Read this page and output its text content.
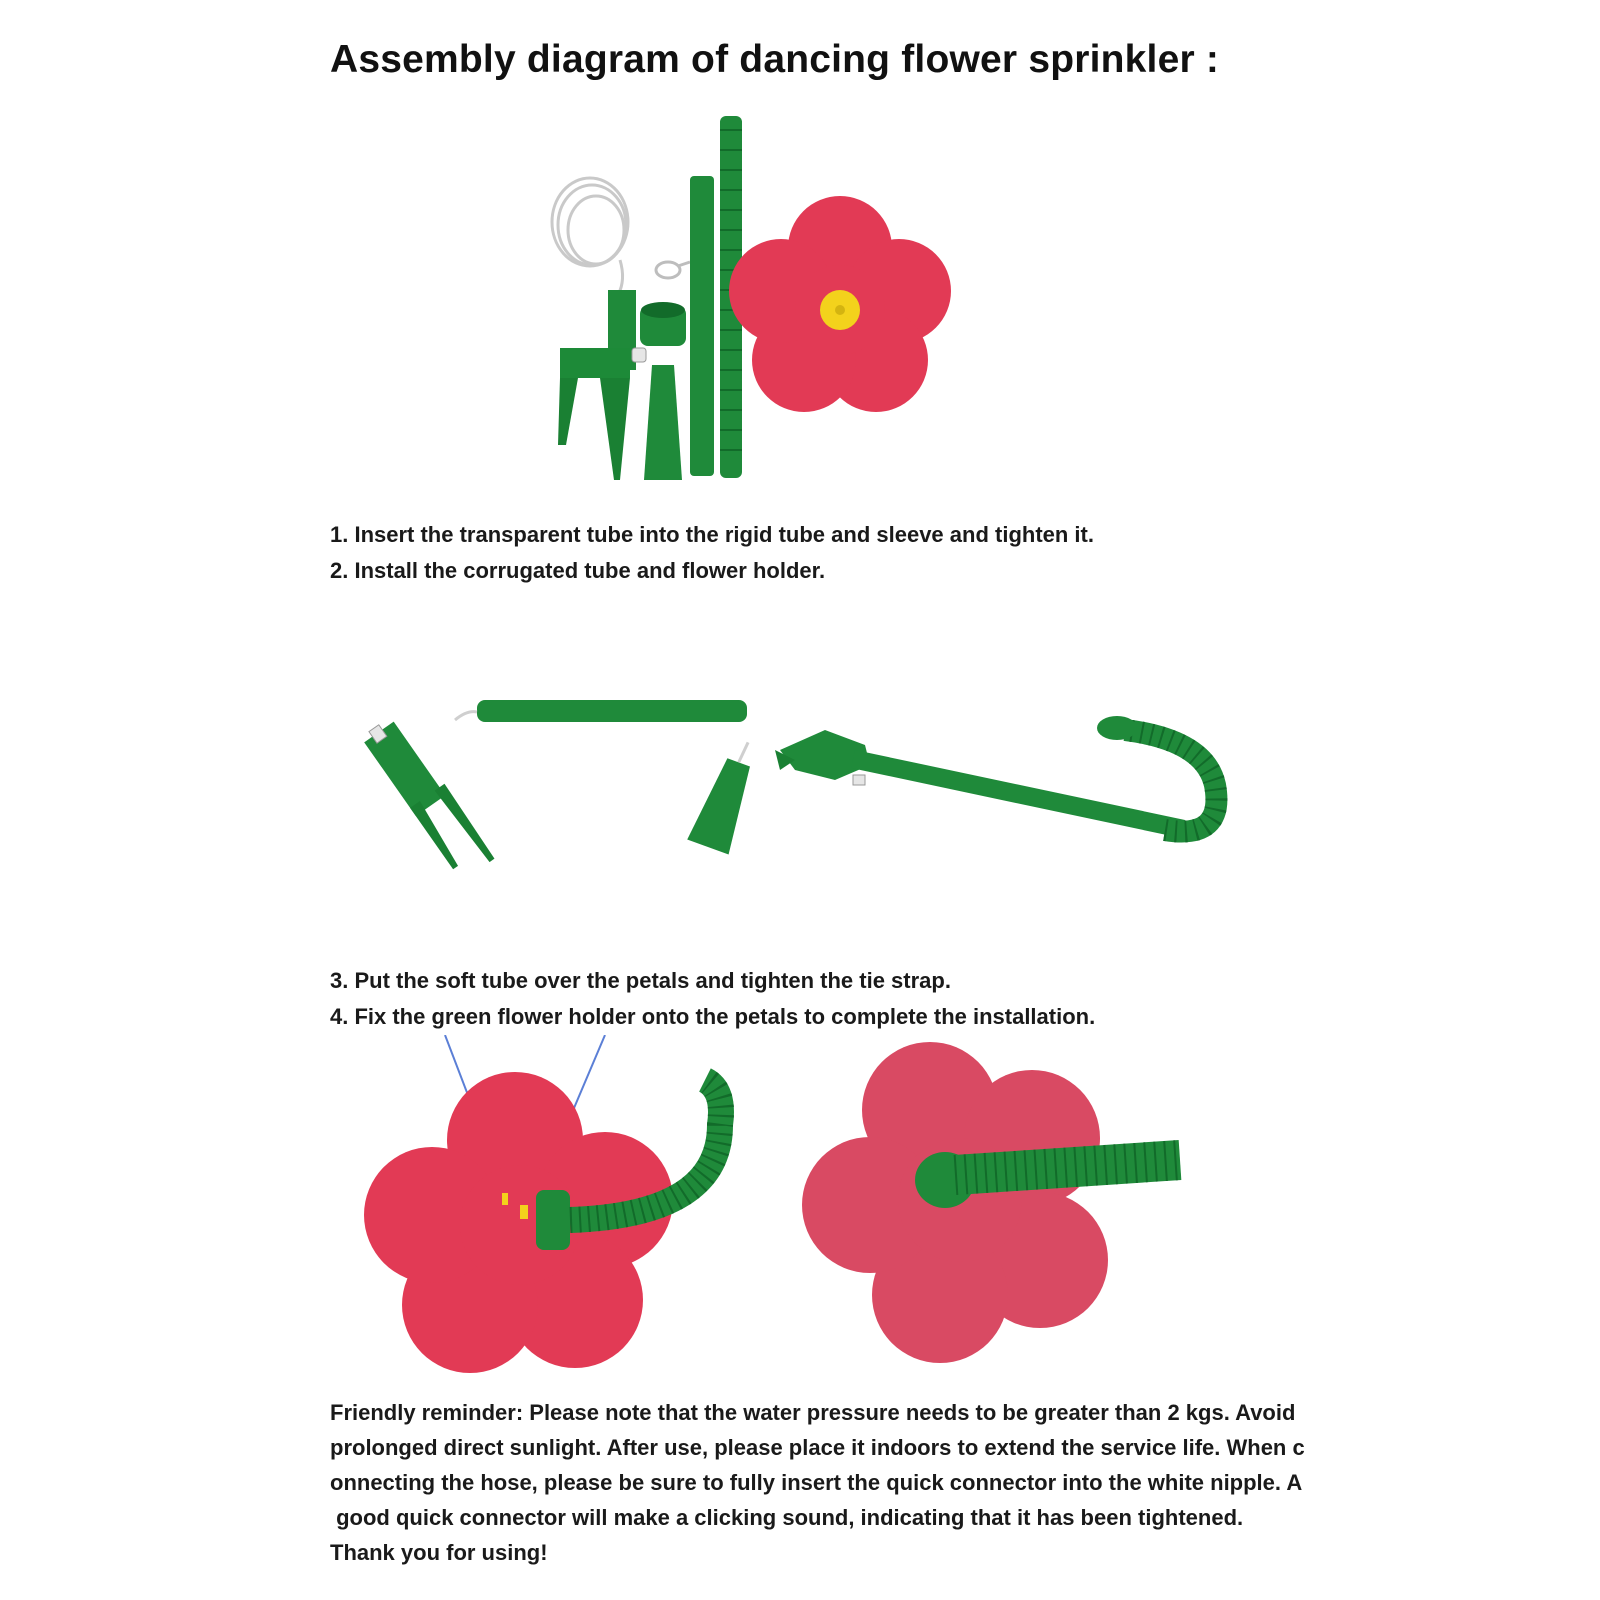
Assembly diagram of dancing flower sprinkler :
1. Insert the transparent tube into the rigid tube and sleeve and tighten it.
2. Install the corrugated tube and flower holder.
3. Put the soft tube over the petals and tighten the tie strap.
4. Fix the green flower holder onto the petals to complete the installation.
Friendly reminder: Please note that the water pressure needs to be greater than 2 kgs. Avoid
prolonged direct sunlight. After use, please place it indoors to extend the service life. When c
onnecting the hose, please be sure to fully insert the quick connector into the white nipple. A
good quick connector will make a clicking sound, indicating that it has been tightened.
Thank you for using!
